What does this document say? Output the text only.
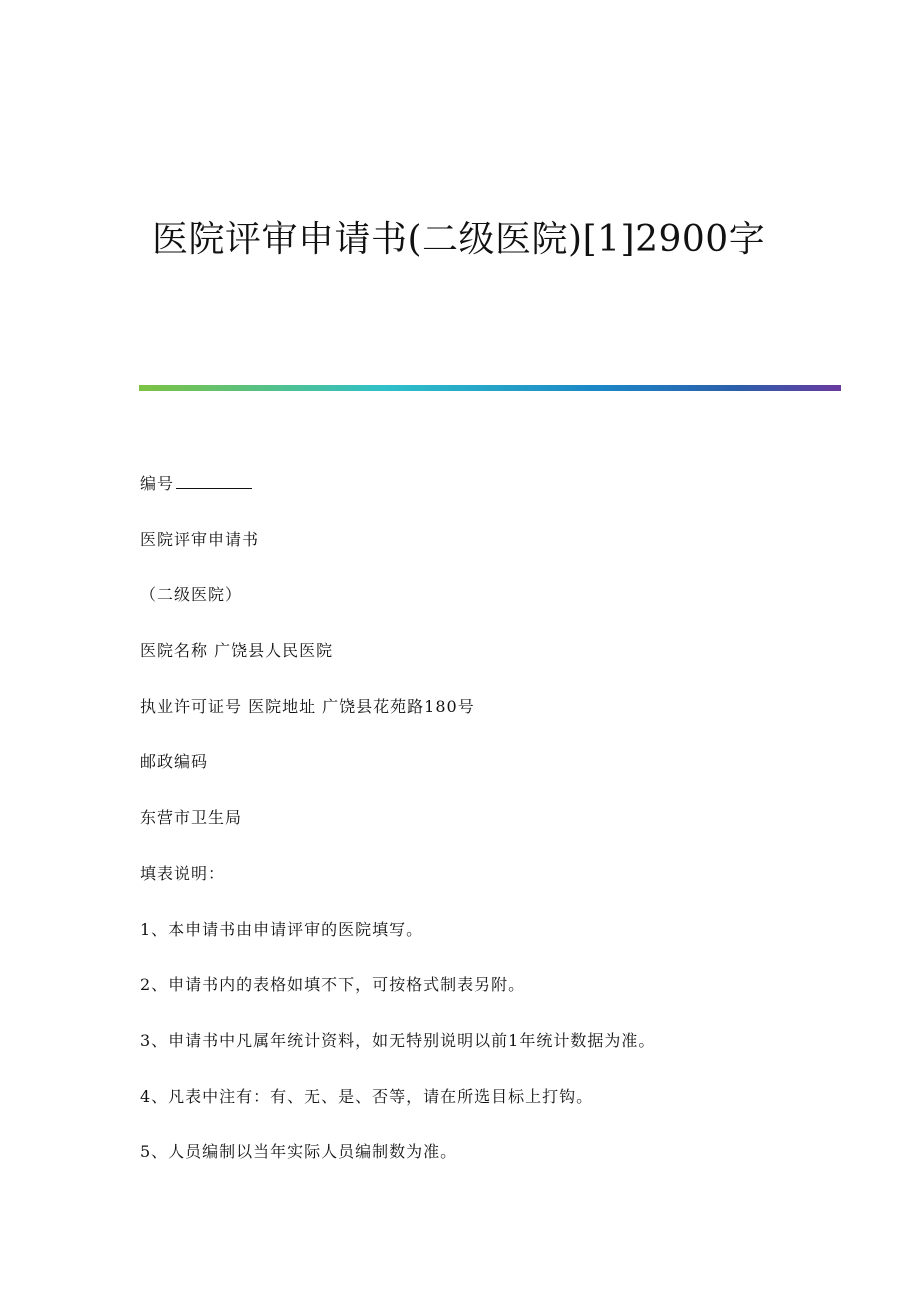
医院评审申请书(二级医院)[1]2900字
编号
医院评审申请书
（二级医院）
医院名称 广饶县人民医院
执业许可证号 医院地址 广饶县花苑路180号
邮政编码
东营市卫生局
填表说明：
1、本申请书由申请评审的医院填写。
2、申请书内的表格如填不下，可按格式制表另附。
3、申请书中凡属年统计资料，如无特别说明以前1年统计数据为准。
4、凡表中注有：有、无、是、否等，请在所选目标上打钩。
5、人员编制以当年实际人员编制数为准。
